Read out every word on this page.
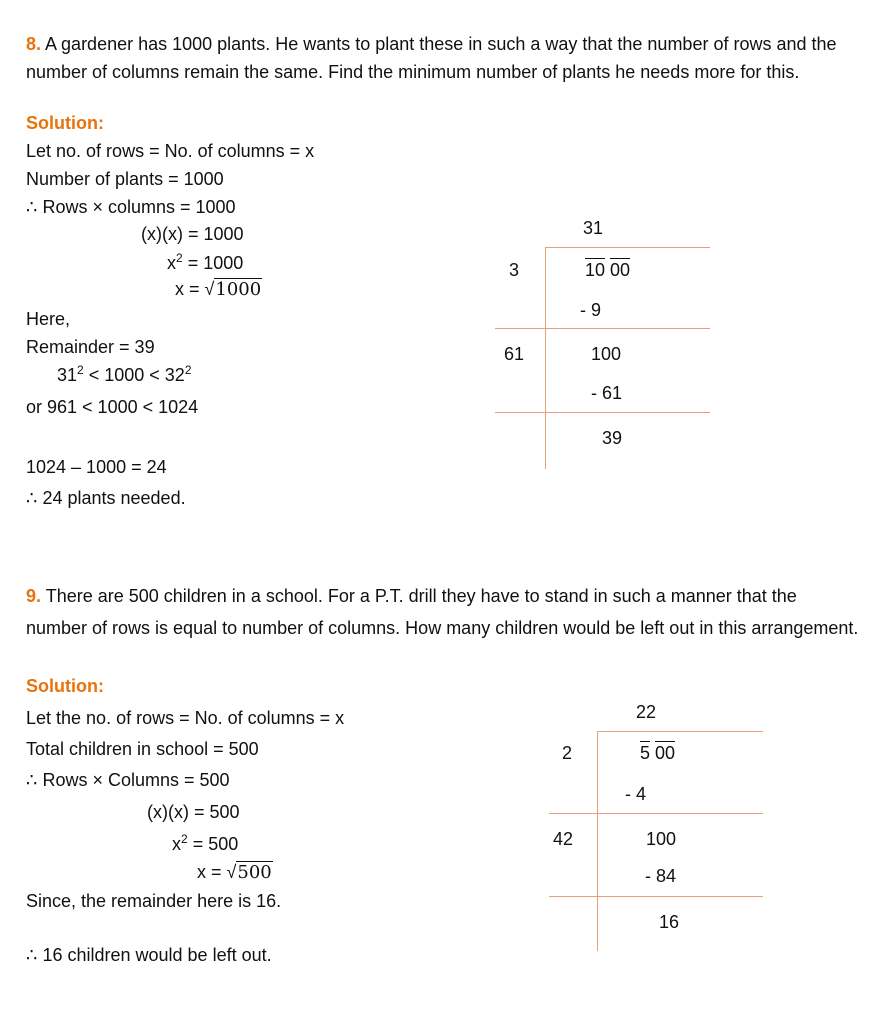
8. A gardener has 1000 plants. He wants to plant these in such a way that the number of rows and the number of columns remain the same. Find the minimum number of plants he needs more for this.
Solution:
Let no. of rows = No. of columns = x
Number of plants = 1000
∴ Rows × columns = 1000
(x)(x) = 1000
$x^2 = 1000$
x = √1000
Here,
Remainder = 39
$31^2 < 1000 < 32^2$
or 961 < 1000 < 1024
1024 – 1000 = 24
∴ 24 plants needed.
31
3	10 00
- 9
61	100
- 61
39
9. There are 500 children in a school. For a P.T. drill they have to stand in such a manner that the number of rows is equal to number of columns. How many children would be left out in this arrangement.
Solution:
Let the no. of rows = No. of columns = x
Total children in school = 500
∴ Rows × Columns = 500
(x)(x) = 500
$x^2 = 500$
x = √500
Since, the remainder here is 16.
∴ 16 children would be left out.
22
2	5 00
- 4
42	100
- 84
16
